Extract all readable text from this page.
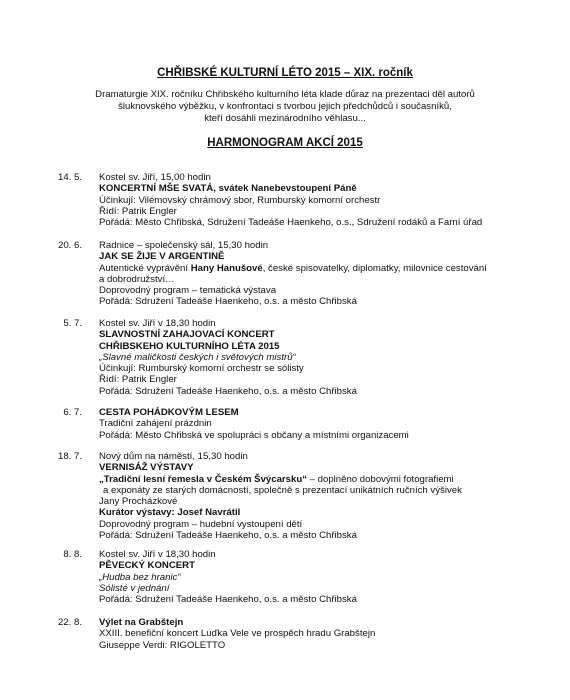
CHŘIBSKÉ KULTURNÍ LÉTO 2015 – XIX. ročník
Dramaturgie XIX. ročníku Chřibského kulturního léta klade důraz na prezentaci děl autorů
šluknovského výběžku, v konfrontaci s tvorbou jejich předchůdců i současníků,
kteří dosáhli mezinárodního věhlasu...
HARMONOGRAM AKCÍ 2015
14. 5. Kostel sv. Jiří, 15,00 hodin
KONCERTNÍ MŠE SVATÁ, svátek Nanebevstoupení Páně
Účinkují: Vilémovský chrámový sbor, Rumburský komorní orchestr
Řídí: Patrik Engler
Pořádá: Město Chřibská, Sdružení Tadeáše Haenkeho, o.s., Sdružení rodáků a Farní úřad
20. 6. Radnice – společenský sál, 15,30 hodin
JAK SE ŽIJE V ARGENTINĚ
Autentické vyprávění Hany Hanušové, české spisovatelky, diplomatky, milovnice cestování
a dobrodružství…
Doprovodný program – tematická výstava
Pořádá: Sdružení Tadeáše Haenkeho, o.s. a město Chřibská
5. 7. Kostel sv. Jiří v 18,30 hodin
SLAVNOSTNÍ ZAHAJOVACÍ KONCERT
CHŘIBSKEHO KULTURNÍHO LÉTA 2015
„Slavné maličkosti českých i světových mistrů“
Účinkují: Rumburský komorní orchestr se sólisty
Řídí: Patrik Engler
Pořádá: Sdružení Tadeáše Haenkeho, o.s. a město Chřibská
6. 7. CESTA POHÁDKOVÝM LESEM
Tradiční zahájení prázdnin
Pořádá: Město Chřibská ve spolupráci s občany a místními organizacemi
18. 7. Nový dům na náměstí, 15,30 hodin
VERNISÁŽ VÝSTAVY
„Tradiční lesní řemesla v Českém Švýcarsku“ – doplněno dobovými fotografiemi
a exponáty ze starých domácností, společně s prezentací unikátních ručních výšivek
Jany Procházkové
Kurátor výstavy: Josef Navrátil
Doprovodný program – hudební vystoupení dětí
Pořádá: Sdružení Tadeáše Haenkeho, o.s. a město Chřibská
8. 8. Kostel sv. Jiří v 18,30 hodin
PĚVECKÝ KONCERT
„Hudba bez hranic“
Sólisté v jednání
Pořádá: Sdružení Tadeáše Haenkeho, o.s. a město Chřibská
22. 8. Výlet na Grabštejn
XXIII. benefiční koncert Luďka Vele ve prospěch hradu Grabštejn
Giuseppe Verdi: RIGOLETTO
